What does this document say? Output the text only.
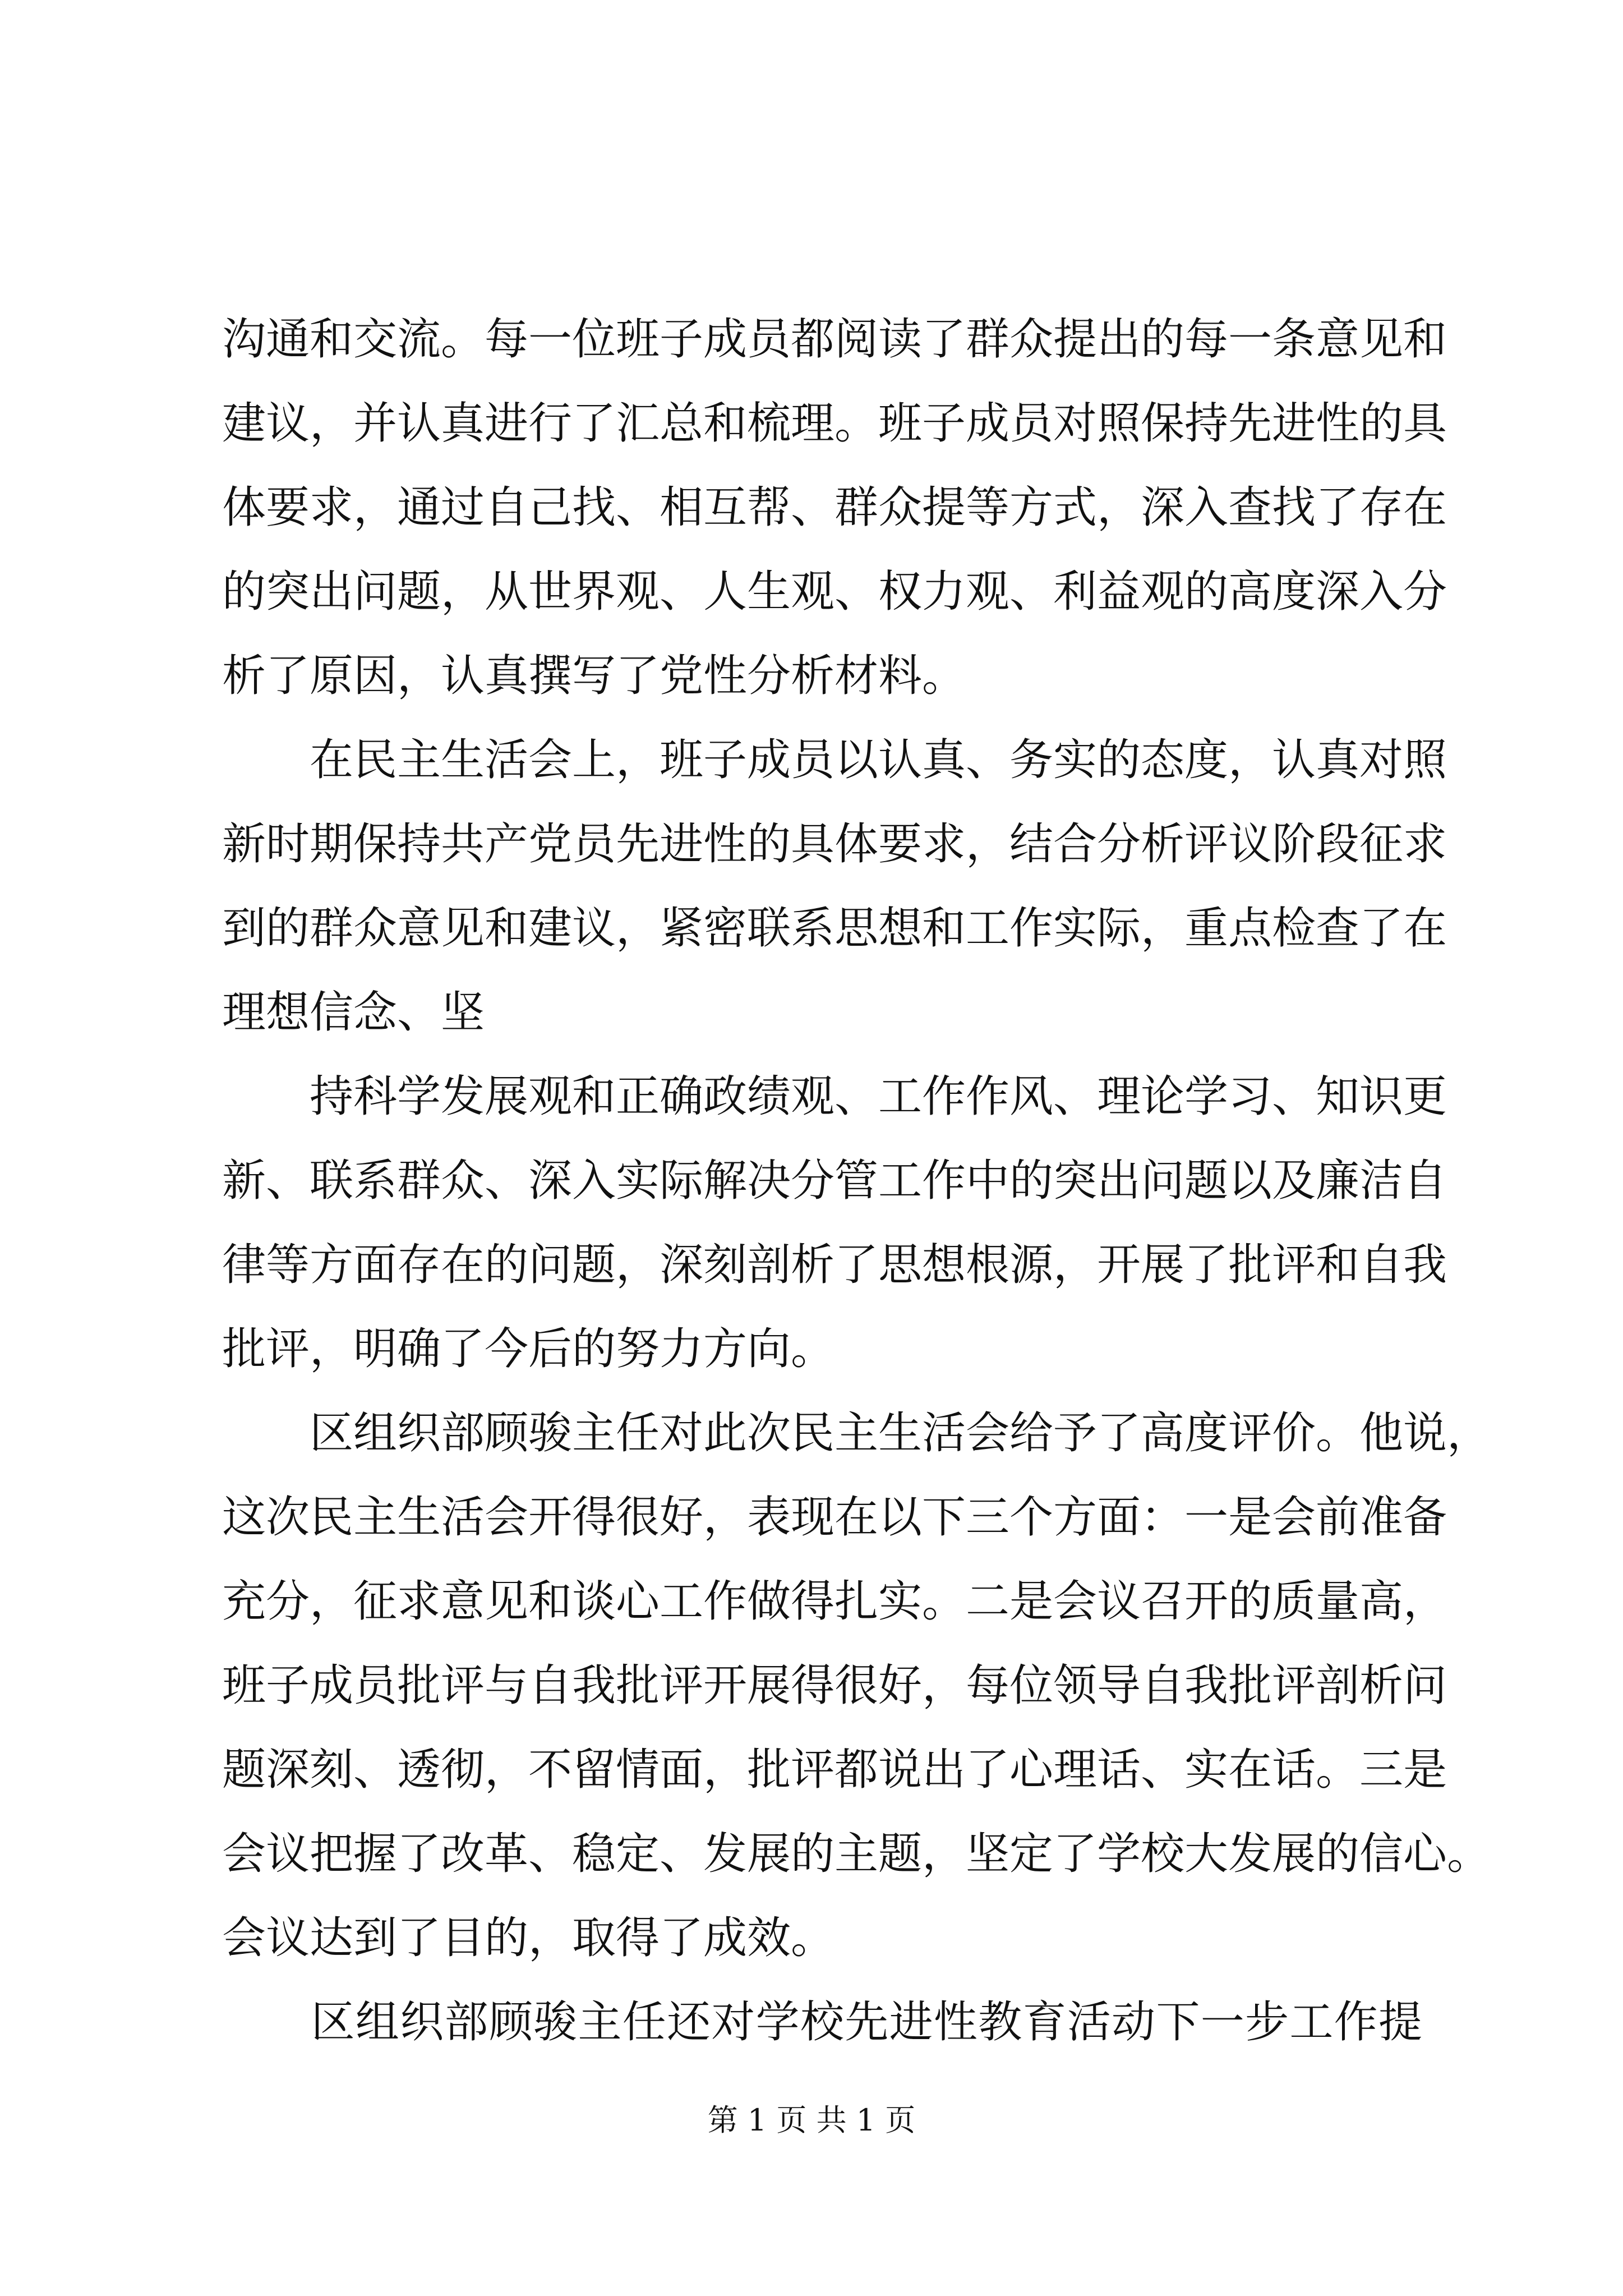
沟通和交流。每一位班子成员都阅读了群众提出的每一条意见和
建议，并认真进行了汇总和梳理。班子成员对照保持先进性的具
体要求，通过自己找、相互帮、群众提等方式，深入查找了存在
的突出问题，从世界观、人生观、权力观、利益观的高度深入分
析了原因，认真撰写了党性分析材料。
　　在民主生活会上，班子成员以认真、务实的态度，认真对照
新时期保持共产党员先进性的具体要求，结合分析评议阶段征求
到的群众意见和建议，紧密联系思想和工作实际，重点检查了在
理想信念、坚
　　持科学发展观和正确政绩观、工作作风、理论学习、知识更
新、联系群众、深入实际解决分管工作中的突出问题以及廉洁自
律等方面存在的问题，深刻剖析了思想根源，开展了批评和自我
批评，明确了今后的努力方向。
　　区组织部顾骏主任对此次民主生活会给予了高度评价。他说，
这次民主生活会开得很好，表现在以下三个方面：一是会前准备
充分，征求意见和谈心工作做得扎实。二是会议召开的质量高，
班子成员批评与自我批评开展得很好，每位领导自我批评剖析问
题深刻、透彻，不留情面，批评都说出了心理话、实在话。三是
会议把握了改革、稳定、发展的主题，坚定了学校大发展的信心。
会议达到了目的，取得了成效。
　　区组织部顾骏主任还对学校先进性教育活动下一步工作提
第 1 页 共 1 页
